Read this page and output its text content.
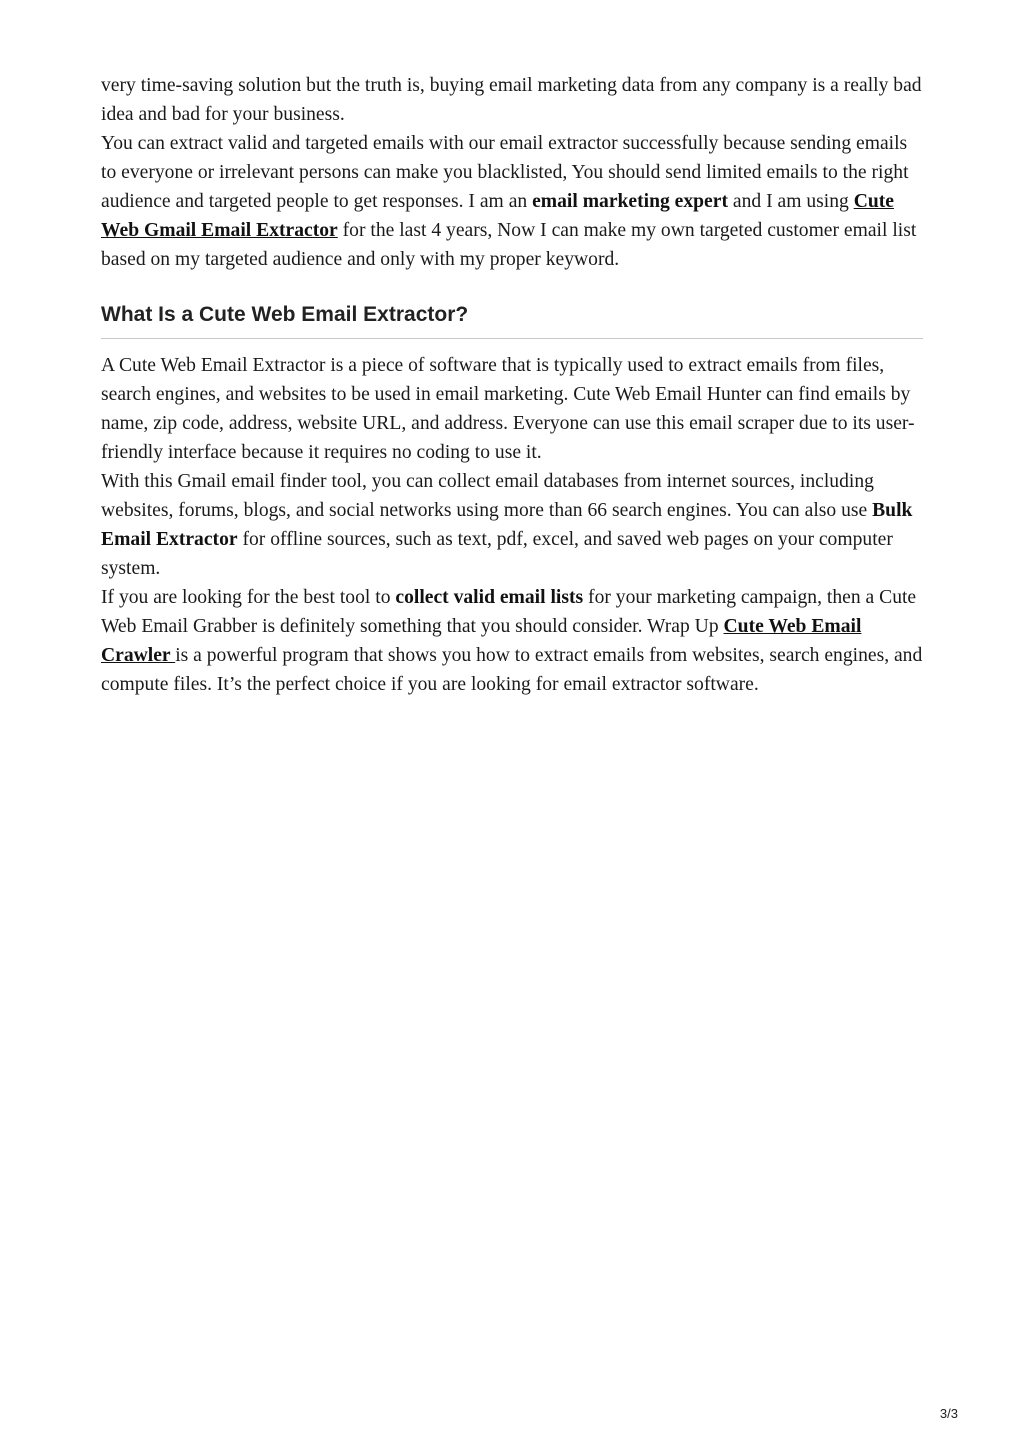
very time-saving solution but the truth is, buying email marketing data from any company is a really bad idea and bad for your business.

You can extract valid and targeted emails with our email extractor successfully because sending emails to everyone or irrelevant persons can make you blacklisted, You should send limited emails to the right audience and targeted people to get responses. I am an email marketing expert and I am using Cute Web Gmail Email Extractor for the last 4 years, Now I can make my own targeted customer email list based on my targeted audience and only with my proper keyword.

What Is a Cute Web Email Extractor?

A Cute Web Email Extractor is a piece of software that is typically used to extract emails from files, search engines, and websites to be used in email marketing. Cute Web Email Hunter can find emails by name, zip code, address, website URL, and address. Everyone can use this email scraper due to its user-friendly interface because it requires no coding to use it.

With this Gmail email finder tool, you can collect email databases from internet sources, including websites, forums, blogs, and social networks using more than 66 search engines. You can also use Bulk Email Extractor for offline sources, such as text, pdf, excel, and saved web pages on your computer system.

If you are looking for the best tool to collect valid email lists for your marketing campaign, then a Cute Web Email Grabber is definitely something that you should consider. Wrap Up Cute Web Email Crawler is a powerful program that shows you how to extract emails from websites, search engines, and compute files. It’s the perfect choice if you are looking for email extractor software.

3/3
